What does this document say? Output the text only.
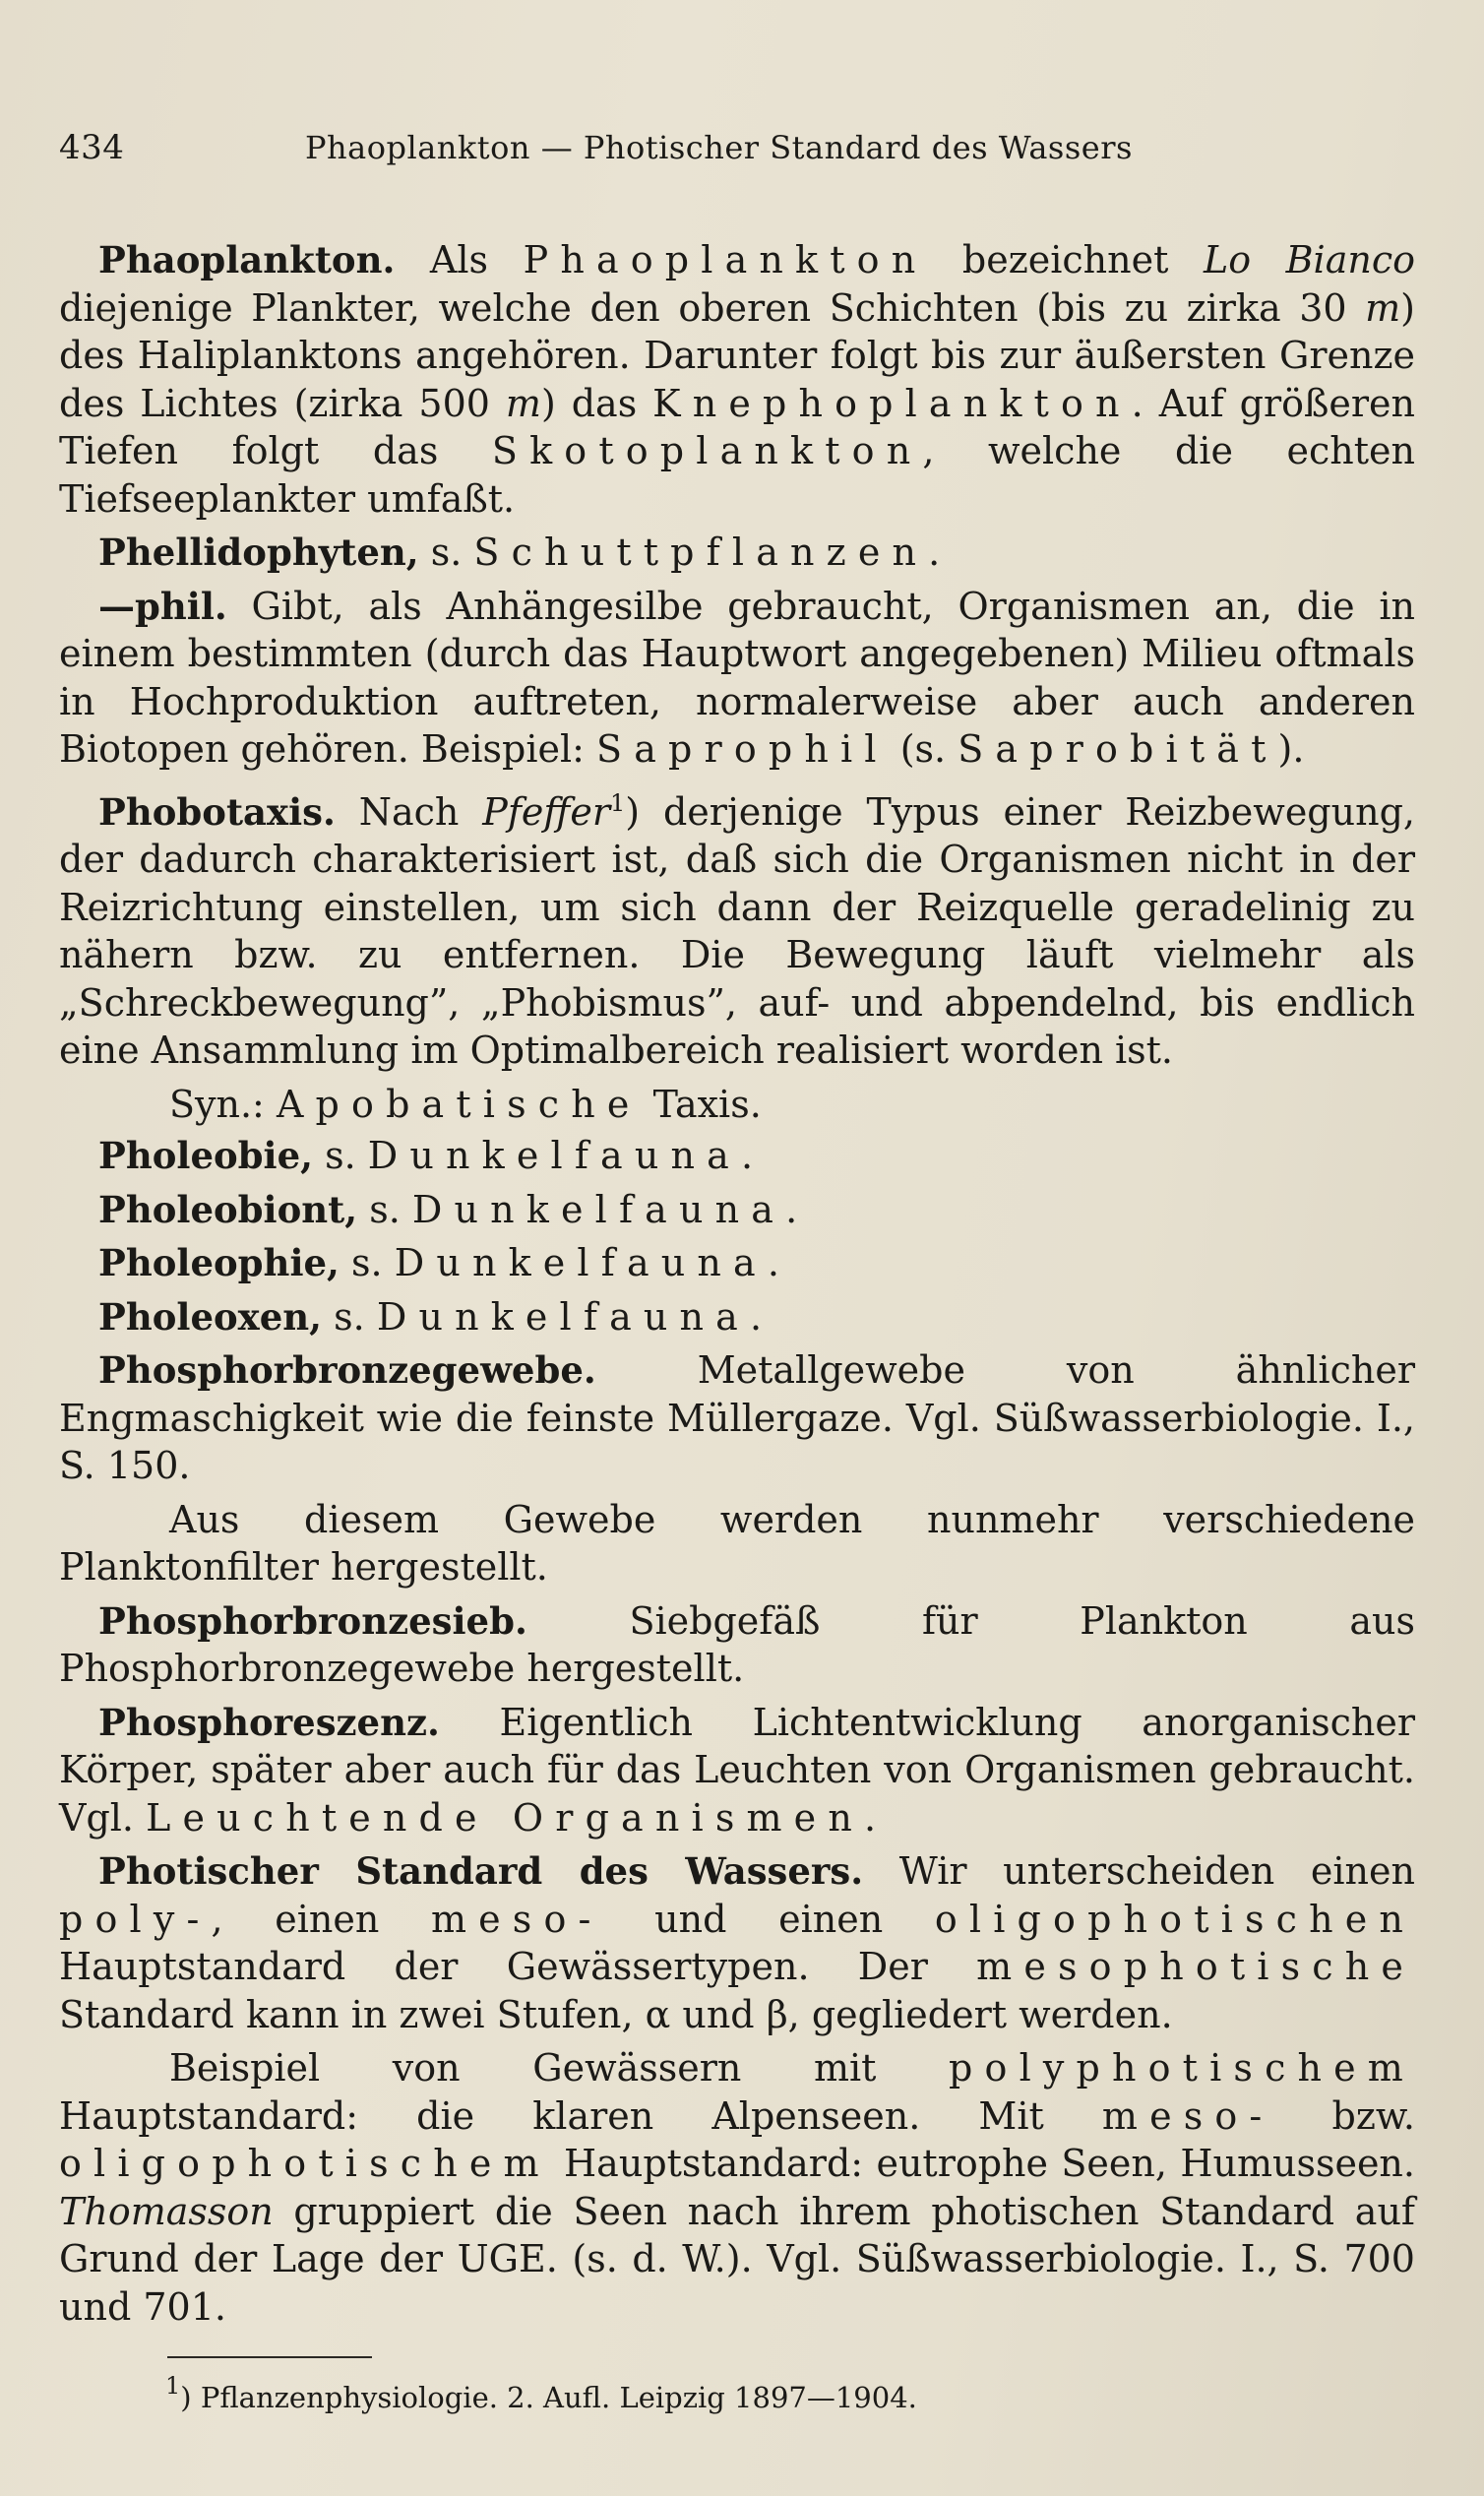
434	Phaoplankton — Photischer Standard des Wassers

Phaoplankton. Als Phaoplankton bezeichnet Lo Bianco diejenige Plankter, welche den oberen Schichten (bis zu zirka 30 m) des Haliplanktons angehören. Darunter folgt bis zur äußersten Grenze des Lichtes (zirka 500 m) das Knephoplankton. Auf größeren Tiefen folgt das Skotoplankton, welche die echten Tiefseeplankter umfaßt.

Phellidophyten, s. Schuttpflanzen.

—phil. Gibt, als Anhängesilbe gebraucht, Organismen an, die in einem bestimmten (durch das Hauptwort angegebenen) Milieu oftmals in Hochproduktion auftreten, normalerweise aber auch anderen Biotopen gehören. Beispiel: Saprophil (s. Saprobität).

Phobotaxis. Nach Pfeffer$^1$) derjenige Typus einer Reizbewegung, der dadurch charakterisiert ist, daß sich die Organismen nicht in der Reizrichtung einstellen, um sich dann der Reizquelle geradelinig zu nähern bzw. zu entfernen. Die Bewegung läuft vielmehr als „Schreckbewegung”, „Phobismus”, auf- und abpendelnd, bis endlich eine Ansammlung im Optimalbereich realisiert worden ist.

Syn.: Apobatische Taxis.

Pholeobie, s. Dunkelfauna.

Pholeobiont, s. Dunkelfauna.

Pholeophie, s. Dunkelfauna.

Pholeoxen, s. Dunkelfauna.

Phosphorbronzegewebe. Metallgewebe von ähnlicher Engmaschigkeit wie die feinste Müllergaze. Vgl. Süßwasserbiologie. I., S. 150.

Aus diesem Gewebe werden nunmehr verschiedene Planktonfilter hergestellt.

Phosphorbronzesieb. Siebgefäß für Plankton aus Phosphorbronzegewebe hergestellt.

Phosphoreszenz. Eigentlich Lichtentwicklung anorganischer Körper, später aber auch für das Leuchten von Organismen gebraucht. Vgl. Leuchtende Organismen.

Photischer Standard des Wassers. Wir unterscheiden einen poly-, einen meso- und einen oligophotischen Hauptstandard der Gewässertypen. Der mesophotische Standard kann in zwei Stufen, α und β, gegliedert werden.

Beispiel von Gewässern mit polyphotischem Hauptstandard: die klaren Alpenseen. Mit meso- bzw. oligophotischem Hauptstandard: eutrophe Seen, Humusseen. Thomasson gruppiert die Seen nach ihrem photischen Standard auf Grund der Lage der UGE. (s. d. W.). Vgl. Süßwasserbiologie. I., S. 700 und 701.

$^1$) Pflanzenphysiologie. 2. Aufl. Leipzig 1897—1904.
